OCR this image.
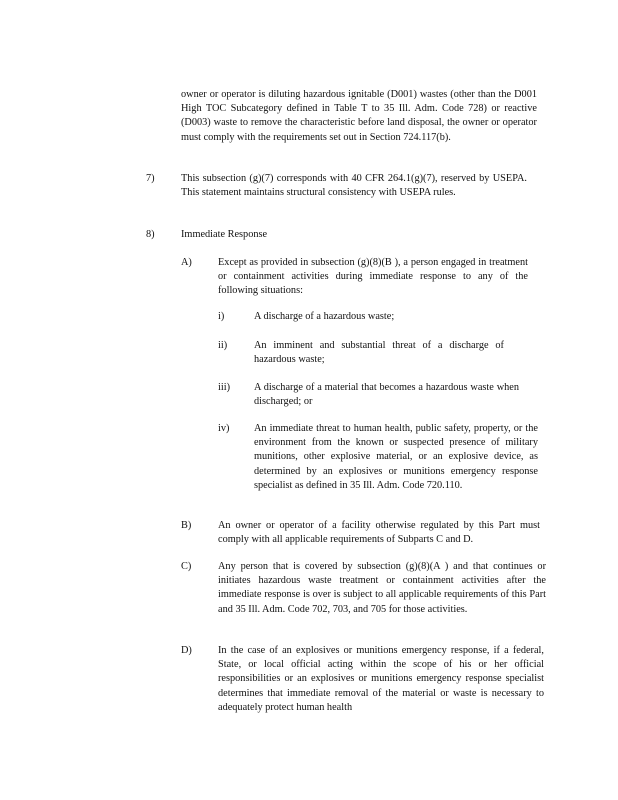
owner or operator is diluting hazardous ignitable (D001) wastes (other than the D001 High TOC Subcategory defined in Table T to 35 Ill. Adm. Code 728) or reactive (D003) waste to remove the characteristic before land disposal, the owner or operator must comply with the requirements set out in Section 724.117(b).

7)	This subsection (g)(7) corresponds with 40 CFR 264.1(g)(7), reserved by USEPA. This statement maintains structural consistency with USEPA rules.

8)	Immediate Response

A)	Except as provided in subsection (g)(8)(B ), a person engaged in treatment or containment activities during immediate response to any of the following situations:

i)	A discharge of a hazardous waste;

ii)	An imminent and substantial threat of a discharge of hazardous waste;

iii) A discharge of a material that becomes a hazardous waste when discharged; or

iv) An immediate threat to human health, public safety, property, or the environment from the known or suspected presence of military munitions, other explosive material, or an explosive device, as determined by an explosives or munitions emergency response specialist as defined in 35 Ill. Adm. Code 720.110.

B)	An owner or operator of a facility otherwise regulated by this Part must comply with all applicable requirements of Subparts C and D.

C)	Any person that is covered by subsection (g)(8)(A ) and that continues or initiates hazardous waste treatment or containment activities after the immediate response is over is subject to all applicable requirements of this Part and 35 Ill. Adm. Code 702, 703, and 705 for those activities.

D)	In the case of an explosives or munitions emergency response, if a federal, State, or local official acting within the scope of his or her official responsibilities or an explosives or munitions emergency response specialist determines that immediate removal of the material or waste is necessary to adequately protect human health
